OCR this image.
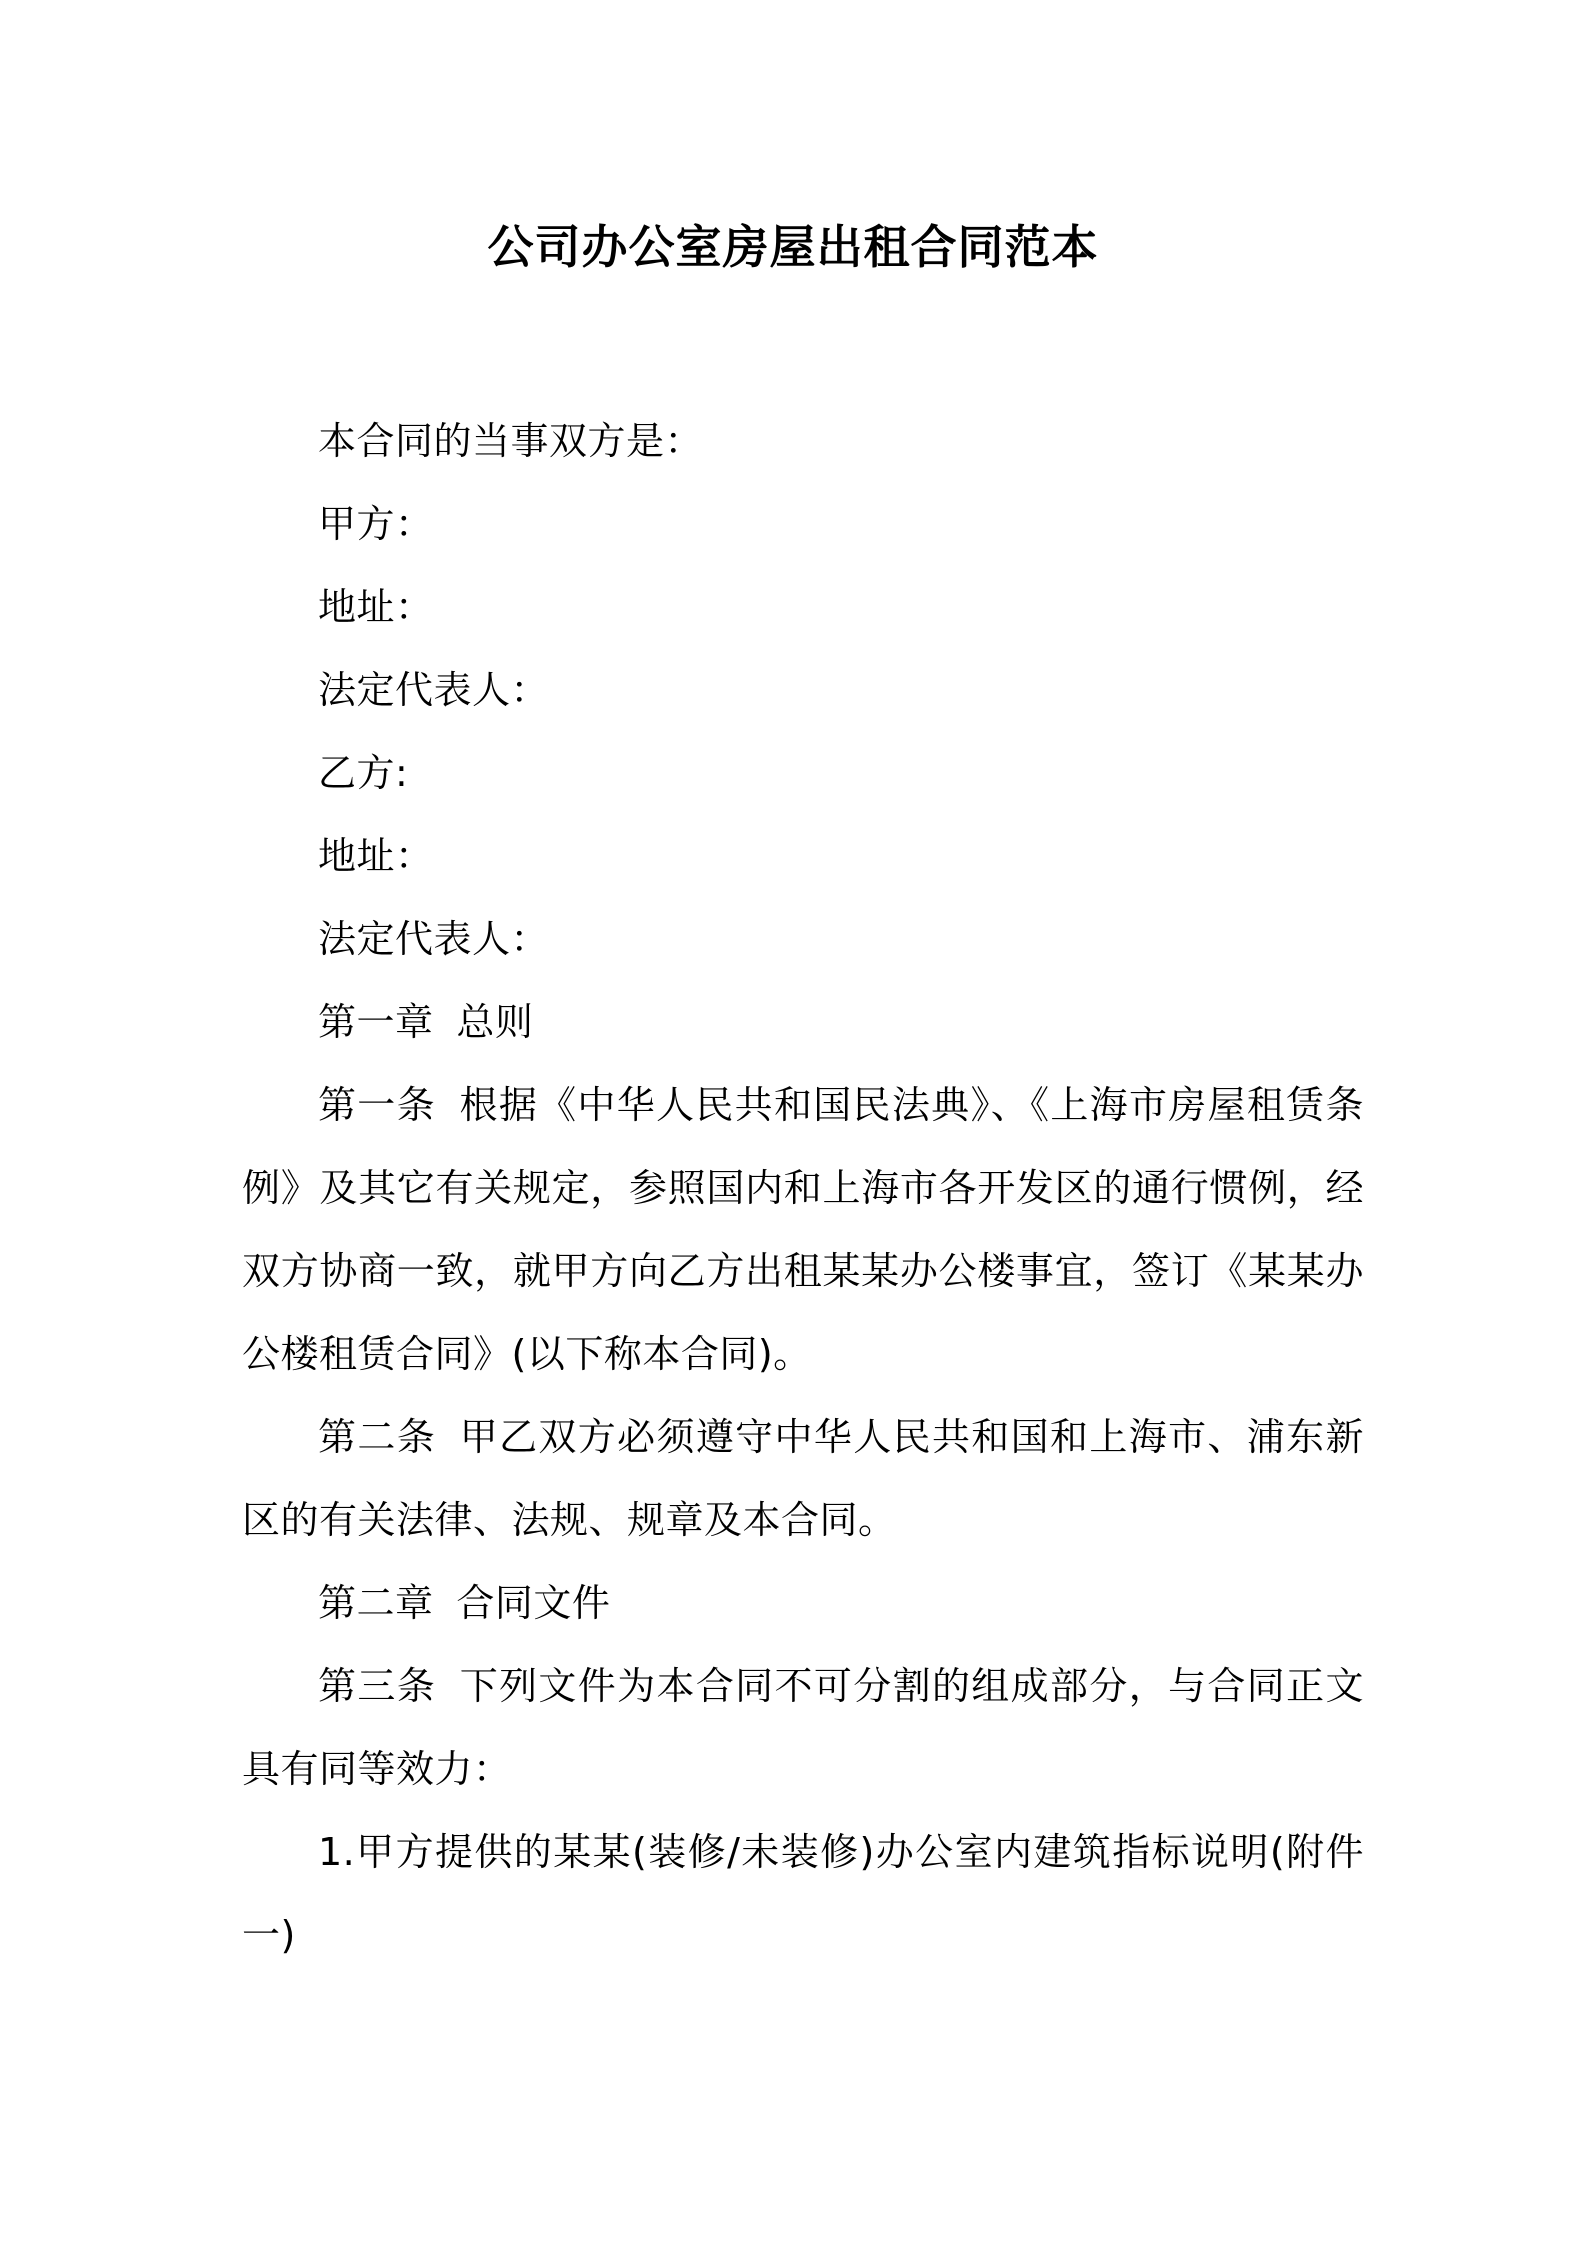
公司办公室房屋出租合同范本

本合同的当事双方是：

甲方：

地址：

法定代表人：

乙方:

地址：

法定代表人：

第一章 总则

第一条 根据《中华人民共和国民法典》、《上海市房屋租赁条例》及其它有关规定，参照国内和上海市各开发区的通行惯例，经双方协商一致，就甲方向乙方出租某某办公楼事宜，签订《某某办公楼租赁合同》(以下称本合同)。

第二条 甲乙双方必须遵守中华人民共和国和上海市、浦东新区的有关法律、法规、规章及本合同。

第二章 合同文件

第三条 下列文件为本合同不可分割的组成部分，与合同正文具有同等效力：

1.甲方提供的某某(装修/未装修)办公室内建筑指标说明(附件一)
